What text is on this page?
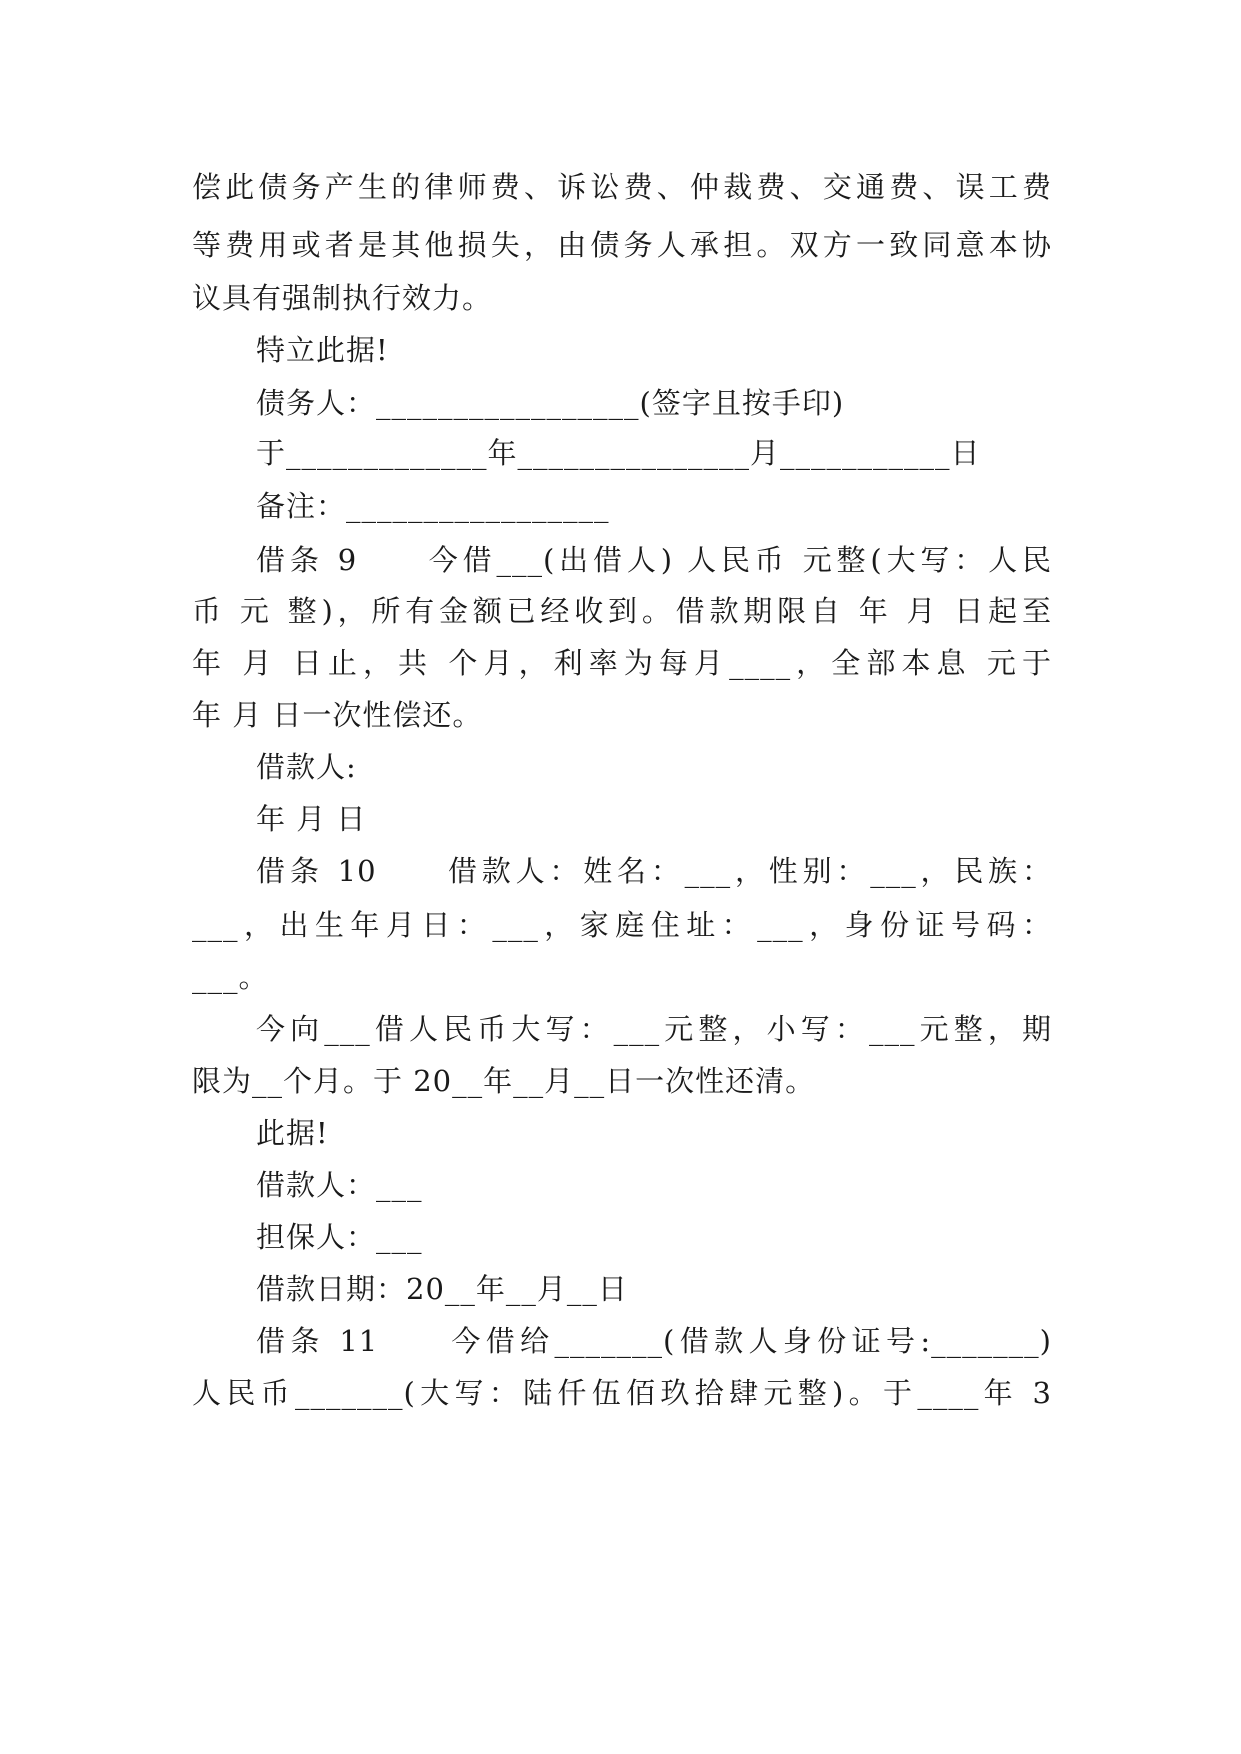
偿此债务产生的律师费、诉讼费、仲裁费、交通费、误工费
等费用或者是其他损失，由债务人承担。双方一致同意本协
议具有强制执行效力。
特立此据!
债务人：_________________(签字且按手印)
于_____________年_______________月___________日
备注：_________________
借条 9　　今借___(出借人) 人民币 元整(大写：人民
币 元 整)，所有金额已经收到。借款期限自 年 月 日起至
年 月 日止，共 个月，利率为每月____，全部本息 元于
年 月 日一次性偿还。
借款人:
年 月 日
借条 10　　借款人：姓名：___，性别：___，民族：
___，出生年月日：___，家庭住址：___，身份证号码：
___。
今向___借人民币大写：___元整，小写：___元整，期
限为__个月。于 20__年__月__日一次性还清。
此据!
借款人：___
担保人：___
借款日期：20__年__月__日
借条 11　　今借给_______(借款人身份证号:_______)
人民币_______(大写：陆仟伍佰玖拾肆元整)。于____年 3
